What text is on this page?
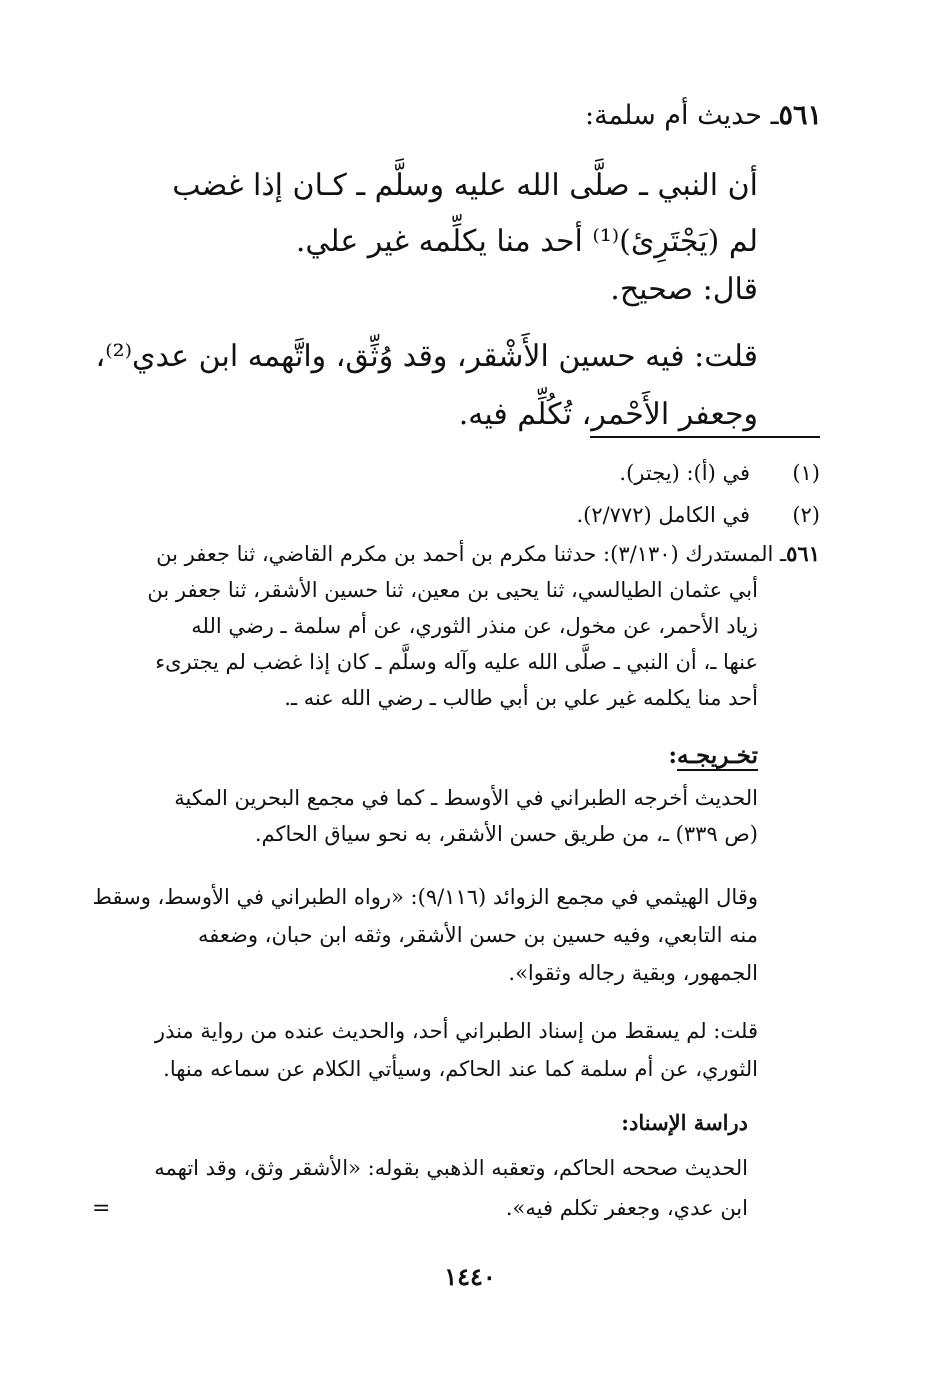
٥٦١ـ حديث أم سلمة:
أن النبي ـ صلَّى الله عليه وسلَّم ـ كـان إذا غضب
لم (يَجْتَرِئ)⁽¹⁾ أحد منا يكلِّمه غير علي.
قال: صحيح.
قلت: فيه حسين الأَشْقر، وقد وُثِّق، واتَّهمه ابن عدي⁽²⁾،
وجعفر الأَحْمر، تُكُلِّم فيه.
(١)
في (أ): (يجتر).
(٢)
في الكامل (٢/٧٧٢).
٥٦١ـ المستدرك (٣/١٣٠): حدثنا مكرم بن أحمد بن مكرم القاضي، ثنا جعفر بن
أبي عثمان الطيالسي، ثنا يحيى بن معين، ثنا حسين الأشقر، ثنا جعفر بن
زياد الأحمر، عن مخول، عن منذر الثوري، عن أم سلمة ـ رضي الله
عنها ـ، أن النبي ـ صلَّى الله عليه وآله وسلَّم ـ كان إذا غضب لم يجترىء
أحد منا يكلمه غير علي بن أبي طالب ـ رضي الله عنه ـ.
تخـريجـه:
الحديث أخرجه الطبراني في الأوسط ـ كما في مجمع البحرين المكية
(ص ٣٣٩) ـ، من طريق حسن الأشقر، به نحو سياق الحاكم.
وقال الهيثمي في مجمع الزوائد (٩/١١٦): «رواه الطبراني في الأوسط، وسقط
منه التابعي، وفيه حسين بن حسن الأشقر، وثقه ابن حبان، وضعفه
الجمهور، وبقية رجاله وثقوا».
قلت: لم يسقط من إسناد الطبراني أحد، والحديث عنده من رواية منذر
الثوري، عن أم سلمة كما عند الحاكم، وسيأتي الكلام عن سماعه منها.
دراسة الإسناد:
الحديث صححه الحاكم، وتعقبه الذهبي بقوله: «الأشقر وثق، وقد اتهمه
ابن عدي، وجعفر تكلم فيه».
=
١٤٤٠
